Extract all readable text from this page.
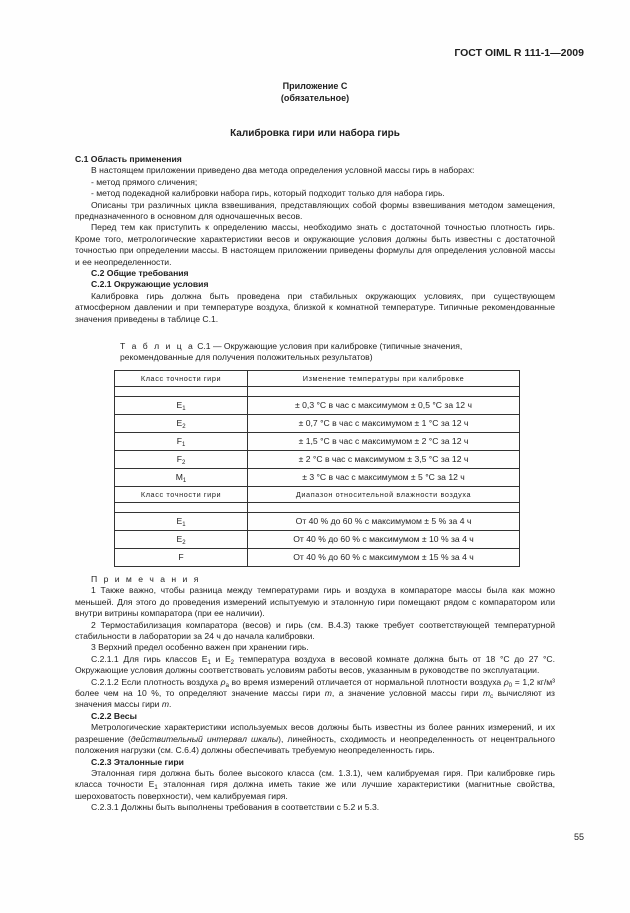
ГОСТ OIML R 111-1—2009
Приложение C
(обязательное)
Калибровка гири или набора гирь

C.1 Область применения

В настоящем приложении приведено два метода определения условной массы гирь в наборах:

- метод прямого сличения;

- метод подекадной калибровки набора гирь, который подходит только для набора гирь.

Описаны три различных цикла взвешивания, представляющих собой формы взвешивания методом замещения, предназначенного в основном для одночашечных весов.

Перед тем как приступить к определению массы, необходимо знать с достаточной точностью плотность гирь. Кроме того, метрологические характеристики весов и окружающие условия должны быть известны с достаточной точностью при определении массы. В настоящем приложении приведены формулы для определения условной массы и ее неопределенности.

C.2 Общие требования

C.2.1 Окружающие условия

Калибровка гирь должна быть проведена при стабильных окружающих условиях, при существующем атмосферном давлении и при температуре воздуха, близкой к комнатной температуре. Типичные рекомендованные значения приведены в таблице C.1.

Т а б л и ц а C.1 — Окружающие условия при калибровке (типичные значения, рекомендованные для получения положительных результатов)
Класс точности гири	Изменение температуры при калибровке

$E_1$	± 0,3 °C в час с максимумом ± 0,5 °C за 12 ч
$E_2$	± 0,7 °C в час с максимумом ± 1 °C за 12 ч
$F_1$	± 1,5 °C в час с максимумом ± 2 °C за 12 ч
$F_2$	± 2 °C в час с максимумом ± 3,5 °C за 12 ч
$M_1$	± 3 °C в час с максимумом ± 5 °C за 12 ч
Класс точности гири	Диапазон относительной влажности воздуха

$E_1$	От 40 % до 60 % с максимумом ± 5 % за 4 ч
$E_2$	От 40 % до 60 % с максимумом ± 10 % за 4 ч
F	От 40 % до 60 % с максимумом ± 15 % за 4 ч

П р и м е ч а н и я

1 Также важно, чтобы разница между температурами гирь и воздуха в компараторе массы была как можно меньшей. Для этого до проведения измерений испытуемую и эталонную гири помещают рядом с компаратором или внутри витрины компаратора (при ее наличии).

2 Термостабилизация компаратора (весов) и гирь (см. B.4.3) также требует соответствующей температурной стабильности в лаборатории за 24 ч до начала калибровки.

3 Верхний предел особенно важен при хранении гирь.

C.2.1.1 Для гирь классов $E_1$ и $E_2$ температура воздуха в весовой комнате должна быть от 18 °C до 27 °C. Окружающие условия должны соответствовать условиям работы весов, указанным в руководстве по эксплуатации.

C.2.1.2 Если плотность воздуха $\rho_a$ во время измерений отличается от нормальной плотности воздуха $\rho_0 = 1,2$ кг/м³ более чем на 10 %, то определяют значение массы гири m, а значение условной массы гири $m_c$ вычисляют из значения массы гири m.

C.2.2 Весы

Метрологические характеристики используемых весов должны быть известны из более ранних измерений, и их разрешение (действительный интервал шкалы), линейность, сходимость и неопределенность от нецентрального положения нагрузки (см. C.6.4) должны обеспечивать требуемую неопределенность гирь.

C.2.3 Эталонные гири

Эталонная гиря должна быть более высокого класса (см. 1.3.1), чем калибруемая гиря. При калибровке гирь класса точности $E_1$ эталонная гиря должна иметь такие же или лучшие характеристики (магнитные свойства, шероховатость поверхности), чем калибруемая гиря.

C.2.3.1 Должны быть выполнены требования в соответствии с 5.2 и 5.3.

55
